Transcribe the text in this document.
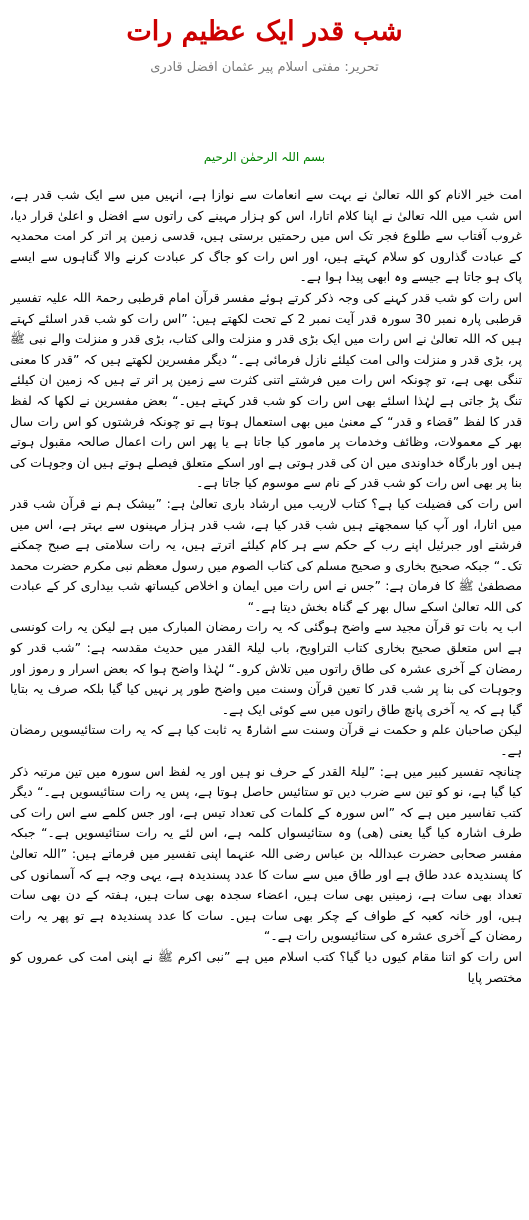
شب قدر ایک عظیم رات
تحریر: مفتی اسلام پیر عثمان افضل قادری
بسم اللہ الرحمٰن الرحیم

امت خیر الانام کو اللہ تعالیٰ نے بہت سے انعامات سے نوازا ہے، انہیں میں سے ایک شب قدر ہے، اس شب میں اللہ تعالیٰ نے اپنا کلام اتارا، اس کو ہزار مہینے کی راتوں سے افضل و اعلیٰ قرار دیا، غروب آفتاب سے طلوع فجر تک اس میں رحمتیں برستی ہیں، قدسی زمین پر اتر کر امت محمدیہ کے عبادت گذاروں کو سلام کہتے ہیں، اور اس رات کو جاگ کر عبادت کرنے والا گناہوں سے ایسے پاک ہو جاتا ہے جیسے وہ ابھی پیدا ہوا ہے۔

اس رات کو شب قدر کہنے کی وجہ ذکر کرتے ہوئے مفسر قرآن امام قرطبی رحمۃ اللہ علیہ تفسیر قرطبی پارہ نمبر 30 سورہ قدر آیت نمبر 2 کے تحت لکھتے ہیں: ”اس رات کو شب قدر اسلئے کہتے ہیں کہ اللہ تعالیٰ نے اس رات میں ایک بڑی قدر و منزلت والی کتاب، بڑی قدر و منزلت والے نبی ﷺ پر، بڑی قدر و منزلت والی امت کیلئے نازل فرمائی ہے۔“ دیگر مفسرین لکھتے ہیں کہ ”قدر کا معنی تنگی بھی ہے، تو چونکہ اس رات میں فرشتے اتنی کثرت سے زمین پر اتر تے ہیں کہ زمین ان کیلئے تنگ پڑ جاتی ہے لہٰذا اسلئے بھی اس رات کو شب قدر کہتے ہیں۔“ بعض مفسرین نے لکھا کہ لفظ قدر کا لفظ ”قضاء و قدر“ کے معنیٰ میں بھی استعمال ہوتا ہے تو چونکہ فرشتوں کو اس رات سال بھر کے معمولات، وظائف وخدمات پر مامور کیا جاتا ہے یا پھر اس رات اعمال صالحہ مقبول ہوتے ہیں اور بارگاہ خداوندی میں ان کی قدر ہوتی ہے اور اسکے متعلق فیصلے ہوتے ہیں ان وجوہات کی بنا پر بھی اس رات کو شب قدر کے نام سے موسوم کیا جاتا ہے۔

اس رات کی فضیلت کیا ہے؟ کتاب لاریب میں ارشاد باری تعالیٰ ہے: ”بیشک ہم نے قرآن شب قدر میں اتارا، اور آپ کیا سمجھتے ہیں شب قدر کیا ہے، شب قدر ہزار مہینوں سے بہتر ہے، اس میں فرشتے اور جبرئیل اپنے رب کے حکم سے ہر کام کیلئے اترتے ہیں، یہ رات سلامتی ہے صبح چمکنے تک۔“ جبکہ صحیح بخاری و صحیح مسلم کی کتاب الصوم میں رسول معظم نبی مکرم حضرت محمد مصطفیٰ ﷺ کا فرمان ہے: ”جس نے اس رات میں ایمان و اخلاص کیساتھ شب بیداری کر کے عبادت کی اللہ تعالیٰ اسکے سال بھر کے گناہ بخش دیتا ہے۔“

اب یہ بات تو قرآن مجید سے واضح ہوگئی کہ یہ رات رمضان المبارک میں ہے لیکن یہ رات کونسی ہے اس متعلق صحیح بخاری کتاب التراویح، باب لیلۃ القدر میں حدیث مقدسہ ہے: ”شب قدر کو رمضان کے آخری عشرہ کی طاق راتوں میں تلاش کرو۔“ لہٰذا واضح ہوا کہ بعض اسرار و رموز اور وجوہات کی بنا پر شب قدر کا تعین قرآن وسنت میں واضح طور پر نہیں کیا گیا بلکہ صرف یہ بتایا گیا ہے کہ یہ آخری پانچ طاق راتوں میں سے کوئی ایک ہے۔

لیکن صاحبان علم و حکمت نے قرآن وسنت سے اشارۃً یہ ثابت کیا ہے کہ یہ رات ستائیسویں رمضان ہے۔

چنانچہ تفسیر کبیر میں ہے: ”لیلۃ القدر کے حرف نو ہیں اور یہ لفظ اس سورہ میں تین مرتبہ ذکر کیا گیا ہے، نو کو تین سے ضرب دیں تو ستائیس حاصل ہوتا ہے، پس یہ رات ستائیسویں ہے۔“ دیگر کتب تفاسیر میں ہے کہ ”اس سورہ کے کلمات کی تعداد تیس ہے، اور جس کلمے سے اس رات کی طرف اشارہ کیا گیا یعنی (ھی) وہ ستائیسواں کلمہ ہے، اس لئے یہ رات ستائیسویں ہے۔“ جبکہ مفسر صحابی حضرت عبداللہ بن عباس رضی اللہ عنہما اپنی تفسیر میں فرماتے ہیں: ”اللہ تعالیٰ کا پسندیدہ عدد طاق ہے اور طاق میں سے سات کا عدد پسندیدہ ہے، یہی وجہ ہے کہ آسمانوں کی تعداد بھی سات ہے، زمینیں بھی سات ہیں، اعضاء سجدہ بھی سات ہیں، ہفتہ کے دن بھی سات ہیں، اور خانہ کعبہ کے طواف کے چکر بھی سات ہیں۔ سات کا عدد پسندیدہ ہے تو پھر یہ رات رمضان کے آخری عشرہ کی ستائیسویں رات ہے۔“

اس رات کو اتنا مقام کیوں دیا گیا؟ کتب اسلام میں ہے ”نبی اکرم ﷺ نے اپنی امت کی عمروں کو مختصر پایا
